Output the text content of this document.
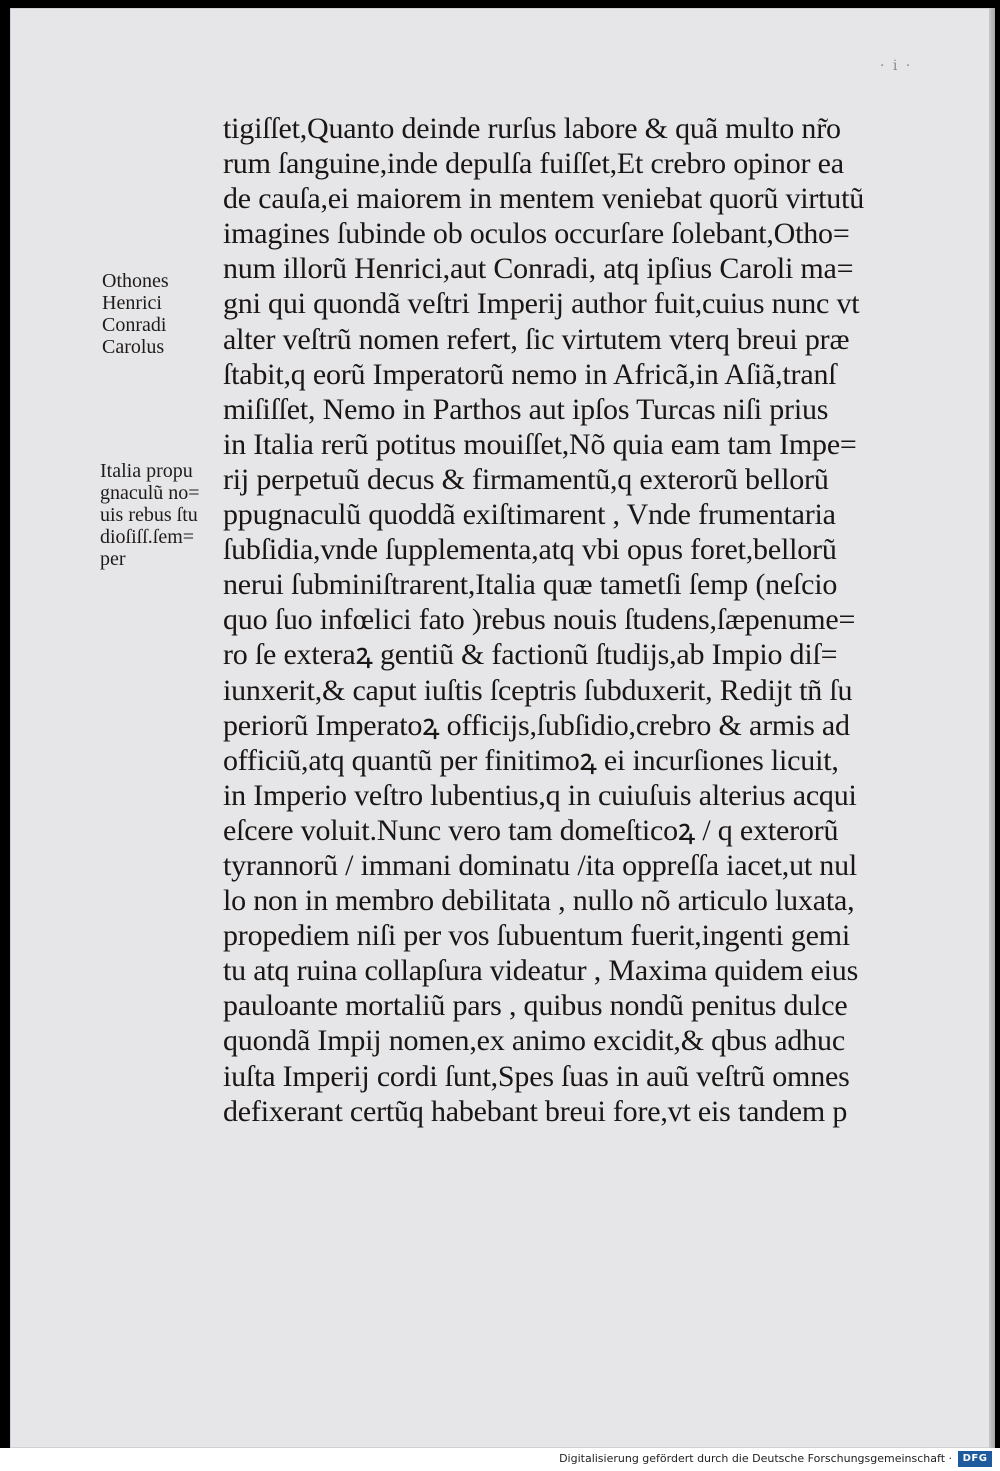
· i ·
Othones
Henrici
Conradi
Carolus
Italia propu
gnaculũ no=
uis rebus ſtu
dioſiſſ.ſem=
per
tigiſſet,Quanto deinde rurſus labore & quã multo nr̃o
rum ſanguine,inde depulſa fuiſſet,Et crebro opinor ea
de cauſa,ei maiorem in mentem veniebat quorũ virtutũ
imagines ſubinde ob oculos occurſare ſolebant,Otho=
num illorũ Henrici,aut Conradi, atq ipſius Caroli ma=
gni qui quondã veſtri Imperij author fuit,cuius nunc vt
alter veſtrũ nomen refert, ſic virtutem vterq breui præ
ſtabit,q eorũ Imperatorũ nemo in Africã,in Aſiã,tranſ
miſiſſet, Nemo in Parthos aut ipſos Turcas niſi prius
in Italia rerũ potitus mouiſſet,Nõ quia eam tam Impe=
rij perpetuũ decus & firmamentũ,q exterorũ bellorũ
ppugnaculũ quoddã exiſtimarent , Vnde frumentaria
ſubſidia,vnde ſupplementa,atq vbi opus foret,bellorũ
nerui ſubminiſtrarent,Italia quæ tametſi ſemp (neſcio
quo ſuo infœlici fato )rebus nouis ſtudens,ſæpenume=
ro ſe exteraꝝ gentiũ & factionũ ſtudijs,ab Impio diſ=
iunxerit,& caput iuſtis ſceptris ſubduxerit, Redijt tñ ſu
periorũ Imperatoꝝ officijs,ſubſidio,crebro & armis ad
officiũ,atq quantũ per finitimoꝝ ei incurſiones licuit,
in Imperio veſtro lubentius,q in cuiuſuis alterius acqui
eſcere voluit.Nunc vero tam domeſticoꝝ / q exterorũ
tyrannorũ / immani dominatu /ita oppreſſa iacet,ut nul
lo non in membro debilitata , nullo nõ articulo luxata,
propediem niſi per vos ſubuentum fuerit,ingenti gemi
tu atq ruina collapſura videatur , Maxima quidem eius
pauloante mortaliũ pars , quibus nondũ penitus dulce
quondã Impij nomen,ex animo excidit,& qbus adhuc
iuſta Imperij cordi ſunt,Spes ſuas in auũ veſtrũ omnes
defixerant certũq habebant breui fore,vt eis tandem p
Digitalisierung gefördert durch die Deutsche Forschungsgemeinschaft ·	DFG
